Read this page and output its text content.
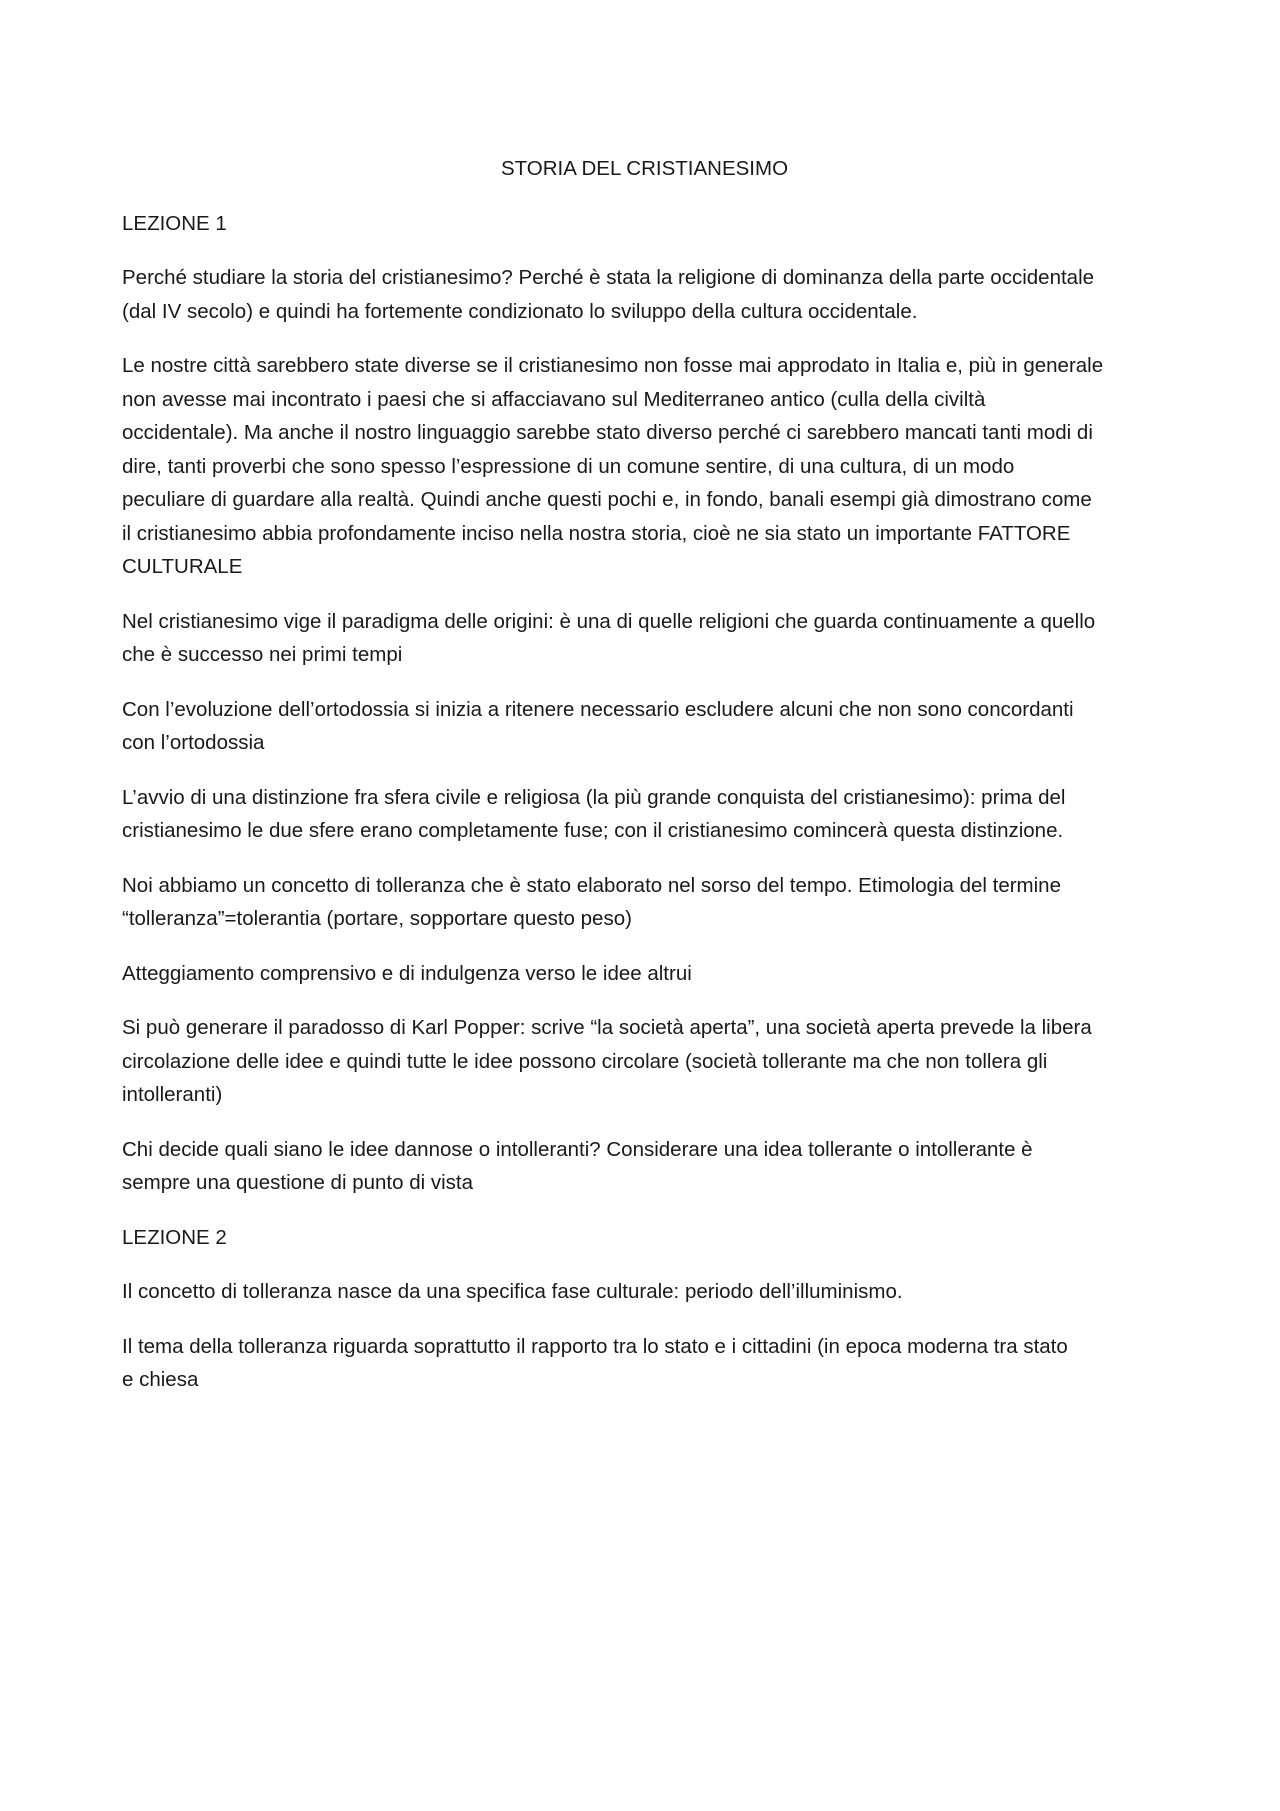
STORIA DEL CRISTIANESIMO
LEZIONE 1
Perché studiare la storia del cristianesimo? Perché è stata la religione di dominanza della parte occidentale
(dal IV secolo) e quindi ha fortemente condizionato lo sviluppo della cultura occidentale.
Le nostre città sarebbero state diverse se il cristianesimo non fosse mai approdato in Italia e, più in generale
non avesse mai incontrato i paesi che si affacciavano sul Mediterraneo antico (culla della civiltà
occidentale). Ma anche il nostro linguaggio sarebbe stato diverso perché ci sarebbero mancati tanti modi di
dire, tanti proverbi che sono spesso l’espressione di un comune sentire, di una cultura, di un modo
peculiare di guardare alla realtà. Quindi anche questi pochi e, in fondo, banali esempi già dimostrano come
il cristianesimo abbia profondamente inciso nella nostra storia, cioè ne sia stato un importante FATTORE
CULTURALE
Nel cristianesimo vige il paradigma delle origini: è una di quelle religioni che guarda continuamente a quello
che è successo nei primi tempi
Con l’evoluzione dell’ortodossia si inizia a ritenere necessario escludere alcuni che non sono concordanti
con l’ortodossia
L’avvio di una distinzione fra sfera civile e religiosa (la più grande conquista del cristianesimo): prima del
cristianesimo le due sfere erano completamente fuse; con il cristianesimo comincerà questa distinzione.
Noi abbiamo un concetto di tolleranza che è stato elaborato nel sorso del tempo. Etimologia del termine
“tolleranza”=tolerantia (portare, sopportare questo peso)
Atteggiamento comprensivo e di indulgenza verso le idee altrui
Si può generare il paradosso di Karl Popper: scrive “la società aperta”, una società aperta prevede la libera
circolazione delle idee e quindi tutte le idee possono circolare (società tollerante ma che non tollera gli
intolleranti)
Chi decide quali siano le idee dannose o intolleranti? Considerare una idea tollerante o intollerante è
sempre una questione di punto di vista
LEZIONE 2
Il concetto di tolleranza nasce da una specifica fase culturale: periodo dell’illuminismo.
Il tema della tolleranza riguarda soprattutto il rapporto tra lo stato e i cittadini (in epoca moderna tra stato
e chiesa
